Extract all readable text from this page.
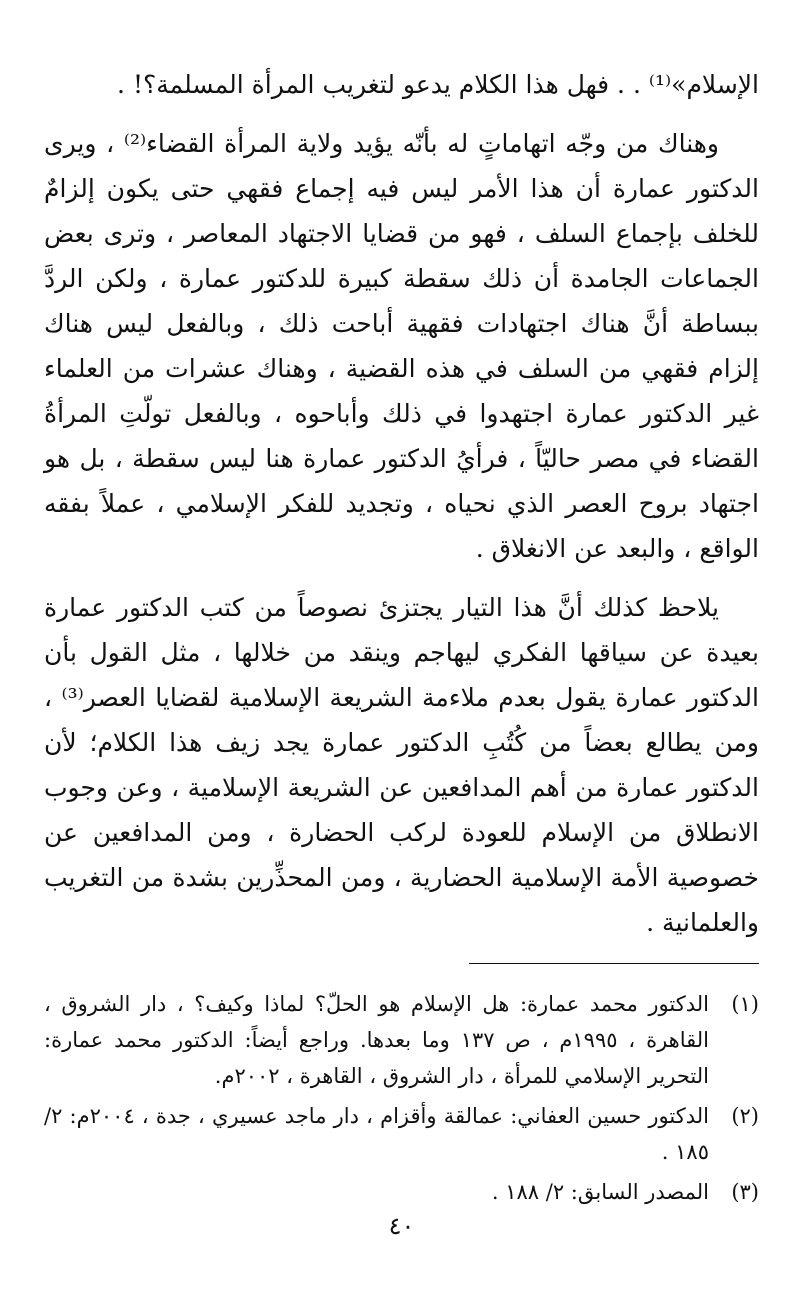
الإسلام»⁽¹⁾ . . فهل هذا الكلام يدعو لتغريب المرأة المسلمة؟! .

وهناك من وجّه اتهاماتٍ له بأنّه يؤيد ولاية المرأة القضاء⁽²⁾ ، ويرى الدكتور عمارة أن هذا الأمر ليس فيه إجماع فقهي حتى يكون إلزامٌ للخلف بإجماع السلف ، فهو من قضايا الاجتهاد المعاصر ، وترى بعض الجماعات الجامدة أن ذلك سقطة كبيرة للدكتور عمارة ، ولكن الردَّ ببساطة أنَّ هناك اجتهادات فقهية أباحت ذلك ، وبالفعل ليس هناك إلزام فقهي من السلف في هذه القضية ، وهناك عشرات من العلماء غير الدكتور عمارة اجتهدوا في ذلك وأباحوه ، وبالفعل تولّتِ المرأةُ القضاء في مصر حاليّاً ، فرأيُ الدكتور عمارة هنا ليس سقطة ، بل هو اجتهاد بروح العصر الذي نحياه ، وتجديد للفكر الإسلامي ، عملاً بفقه الواقع ، والبعد عن الانغلاق .

يلاحظ كذلك أنَّ هذا التيار يجتزئ نصوصاً من كتب الدكتور عمارة بعيدة عن سياقها الفكري ليهاجم وينقد من خلالها ، مثل القول بأن الدكتور عمارة يقول بعدم ملاءمة الشريعة الإسلامية لقضايا العصر⁽³⁾ ، ومن يطالع بعضاً من كُتُبِ الدكتور عمارة يجد زيف هذا الكلام؛ لأن الدكتور عمارة من أهم المدافعين عن الشريعة الإسلامية ، وعن وجوب الانطلاق من الإسلام للعودة لركب الحضارة ، ومن المدافعين عن خصوصية الأمة الإسلامية الحضارية ، ومن المحذِّرين بشدة من التغريب والعلمانية .

(١)
الدكتور محمد عمارة: هل الإسلام هو الحلّ؟ لماذا وكيف؟ ، دار الشروق ، القاهرة ، ١٩٩٥م ، ص ١٣٧ وما بعدها. وراجع أيضاً: الدكتور محمد عمارة: التحرير الإسلامي للمرأة ، دار الشروق ، القاهرة ، ٢٠٠٢م.
(٢)
الدكتور حسين العفاني: عمالقة وأقزام ، دار ماجد عسيري ، جدة ، ٢٠٠٤م: ٢/ ١٨٥ .
(٣)
المصدر السابق: ٢/ ١٨٨ .
٤٠
